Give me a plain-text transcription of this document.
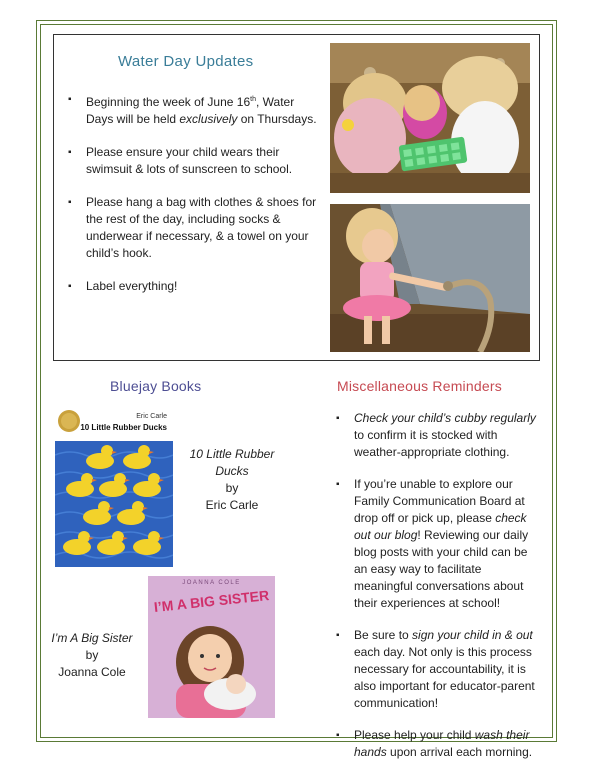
Water Day Updates
▪ Beginning the week of June 16th, Water Days will be held exclusively on Thursdays.
▪ Please ensure your child wears their swimsuit & lots of sunscreen to school.
▪ Please hang a bag with clothes & shoes for the rest of the day, including socks & underwear if necessary, & a towel on your child’s hook.
▪ Label everything!
Bluejay Books	Miscellaneous Reminders
Eric Carle
10 Little Rubber Ducks
10 Little Rubber Ducks
by
Eric Carle
JOANNA COLE
I’M A BIG SISTER
I’m A Big Sister
by
Joanna Cole
▪ Check your child’s cubby regularly to confirm it is stocked with weather-appropriate clothing.
▪ If you’re unable to explore our Family Communication Board at drop off or pick up, please check out our blog! Reviewing our daily blog posts with your child can be an easy way to facilitate meaningful conversations about their experiences at school!
▪ Be sure to sign your child in & out each day. Not only is this process necessary for accountability, it is also important for educator-parent communication!
▪ Please help your child wash their hands upon arrival each morning.
